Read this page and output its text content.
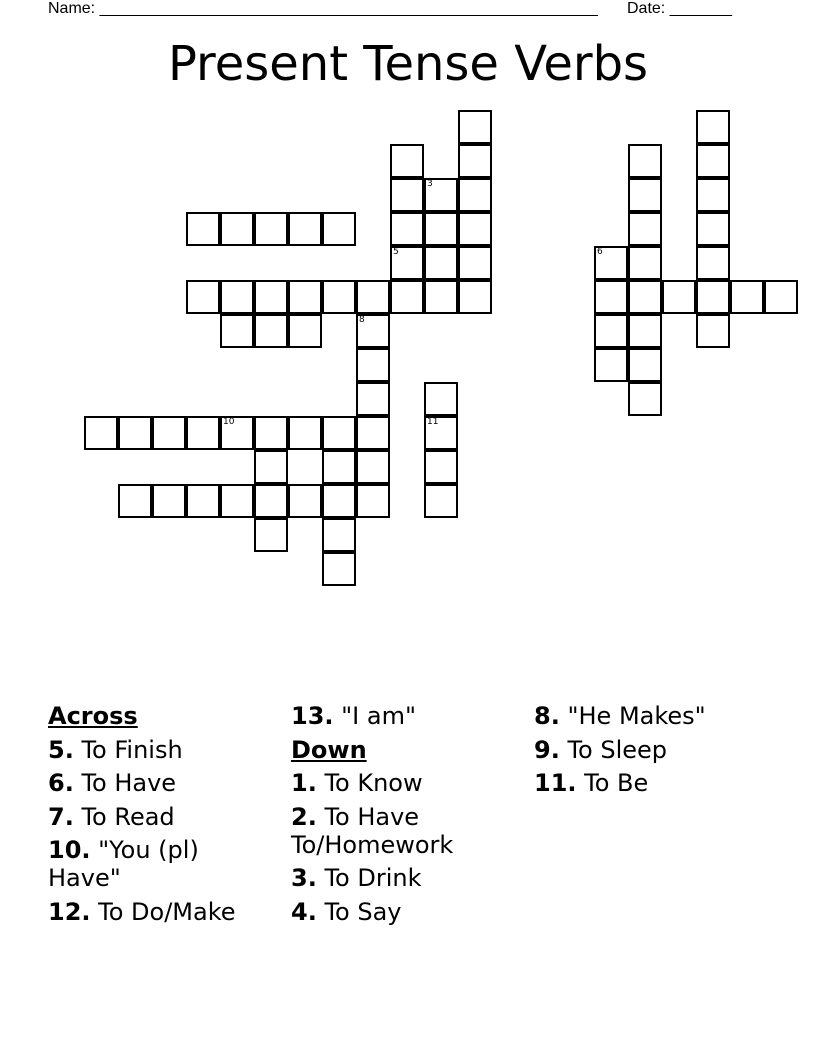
Name: ________________________________________________________ Date: _______
Present Tense Verbs
10
8
5
3
6
11
Across
5. To Finish
6. To Have
7. To Read
10. "You (pl) Have"
12. To Do/Make
13. "I am"
Down
1. To Know
2. To Have To/Homework
3. To Drink
4. To Say
8. "He Makes"
9. To Sleep
11. To Be
